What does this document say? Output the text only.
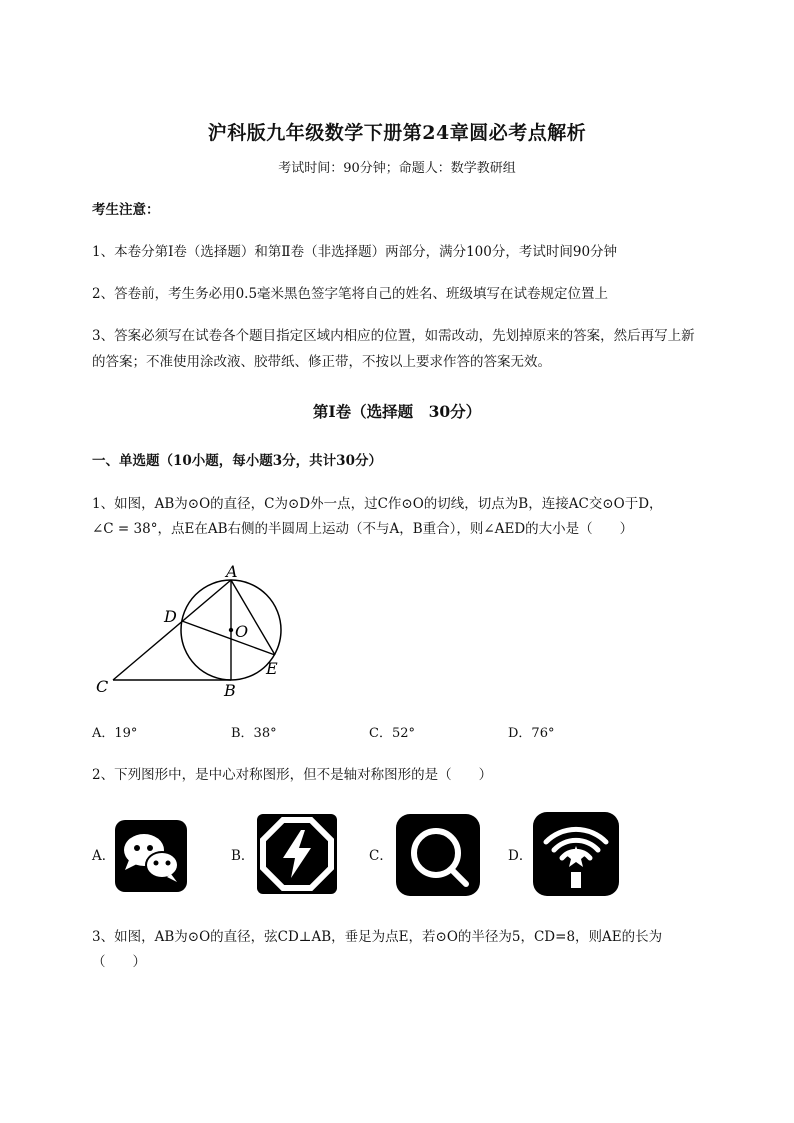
沪科版九年级数学下册第24章圆必考点解析
考试时间：90分钟；命题人：数学教研组
考生注意：
1、本卷分第I卷（选择题）和第Ⅱ卷（非选择题）两部分，满分100分，考试时间90分钟
2、答卷前，考生务必用0.5毫米黑色签字笔将自己的姓名、班级填写在试卷规定位置上
3、答案必须写在试卷各个题目指定区域内相应的位置，如需改动，先划掉原来的答案，然后再写上新
的答案；不准使用涂改液、胶带纸、修正带，不按以上要求作答的答案无效。
第I卷（选择题　30分）
一、单选题（10小题，每小题3分，共计30分）
1、如图，AB为⊙O的直径，C为⊙D外一点，过C作⊙O的切线，切点为B，连接AC交⊙O于D，
∠C = 38°，点E在AB右侧的半圆周上运动（不与A，B重合），则∠AED的大小是（　　）
A
B
C
D
E
O
A．19°	B．38°	C．52°	D．76°
2、下列图形中，是中心对称图形，但不是轴对称图形的是（　　）
A．	B．	C．	D．
3、如图，AB为⊙O的直径，弦CD⊥AB，垂足为点E，若⊙O的半径为5，CD=8，则AE的长为
（　　）
